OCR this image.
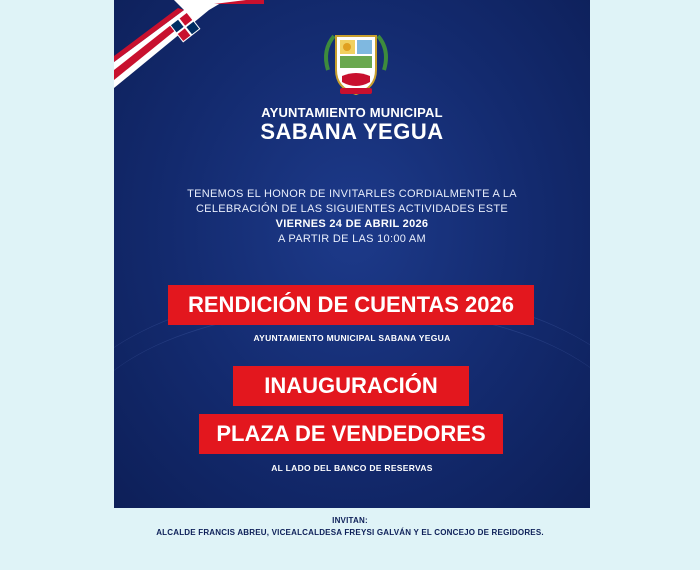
AYUNTAMIENTO MUNICIPAL
SABANA YEGUA
TENEMOS EL HONOR DE INVITARLES CORDIALMENTE A LA
CELEBRACIÓN DE LAS SIGUIENTES ACTIVIDADES ESTE
VIERNES 24 DE ABRIL 2026
A PARTIR DE LAS 10:00 AM
RENDICIÓN DE CUENTAS 2026
AYUNTAMIENTO MUNICIPAL SABANA YEGUA
INAUGURACIÓN
PLAZA DE VENDEDORES
AL LADO DEL BANCO DE RESERVAS
INVITAN:
ALCALDE FRANCIS ABREU, VICEALCALDESA FREYSI GALVÁN Y EL CONCEJO DE REGIDORES.
